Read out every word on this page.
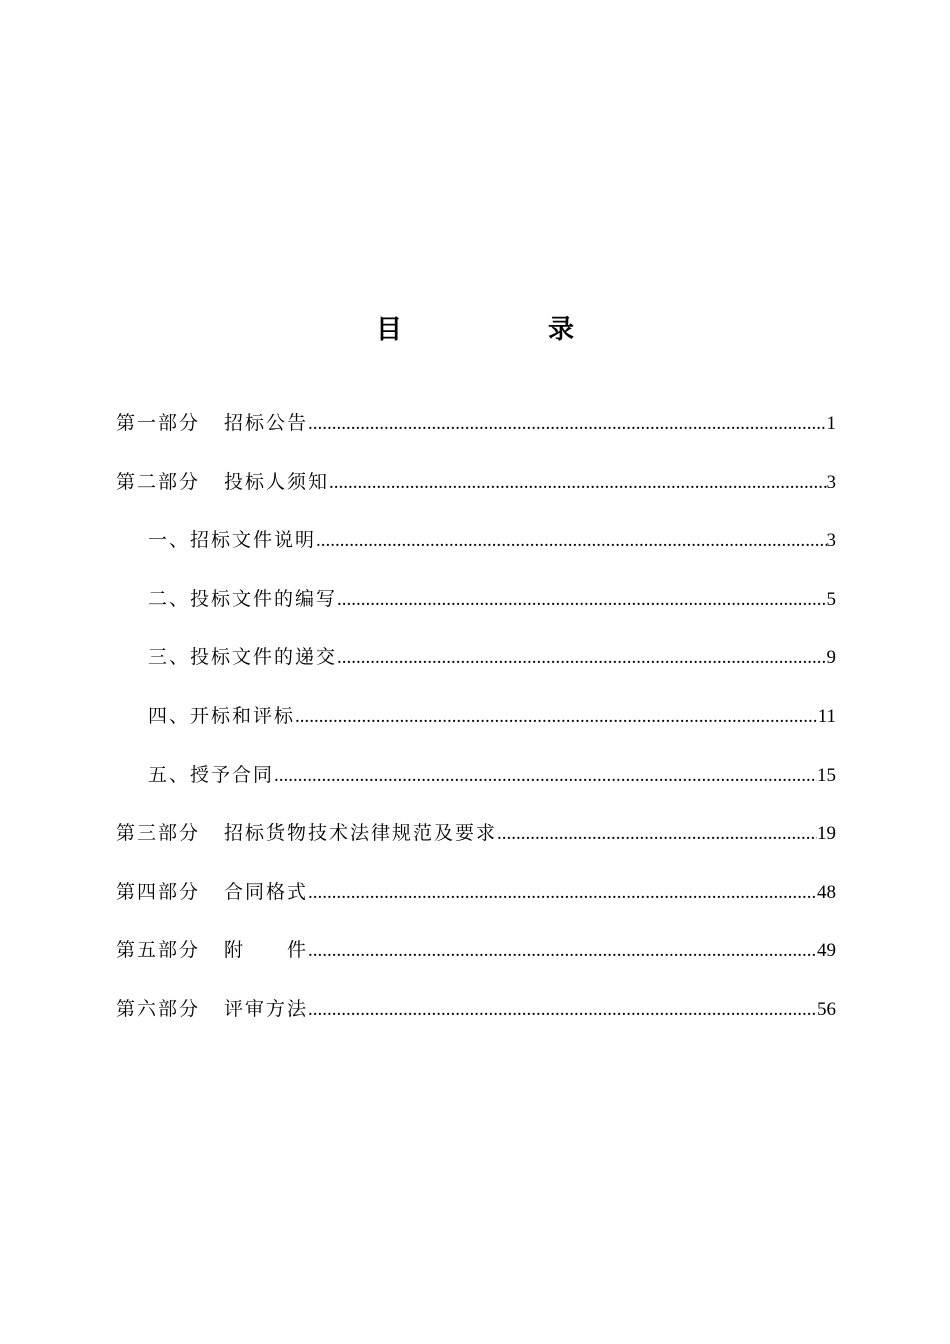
目　录
第一部分 招标公告 .....	1
第二部分 投标人须知 .....	3
一、招标文件说明 .....	3
二、投标文件的编写 .....	5
三、投标文件的递交 .....	9
四、开标和评标 .....	11
五、授予合同 .....	15
第三部分 招标货物技术法律规范及要求 .....	19
第四部分 合同格式 .....	48
第五部分 附　　件 .....	49
第六部分 评审方法 .....	56
